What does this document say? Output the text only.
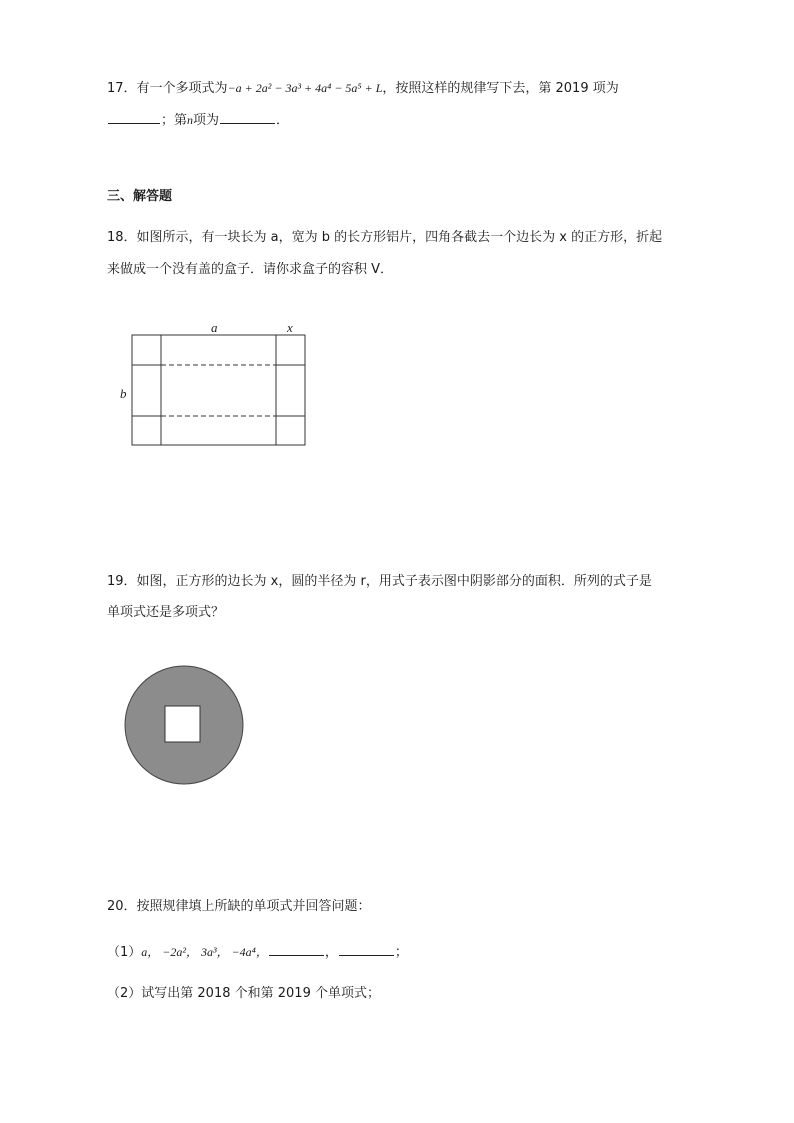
17．有一个多项式为−a + 2a² − 3a³ + 4a⁴ − 5a⁵ + L，按照这样的规律写下去，第 2019 项为
；第n项为	．
三、解答题
18．如图所示，有一块长为 a，宽为 b 的长方形铝片，四角各截去一个边长为 x 的正方形，折起
来做成一个没有盖的盒子．请你求盒子的容积 V．
a	x
b
19．如图，正方形的边长为 x，圆的半径为 r，用式子表示图中阴影部分的面积．所列的式子是
单项式还是多项式？
20．按照规律填上所缺的单项式并回答问题：
（1）a， −2a²， 3a³， −4a⁴，	，	；
（2）试写出第 2018 个和第 2019 个单项式；
